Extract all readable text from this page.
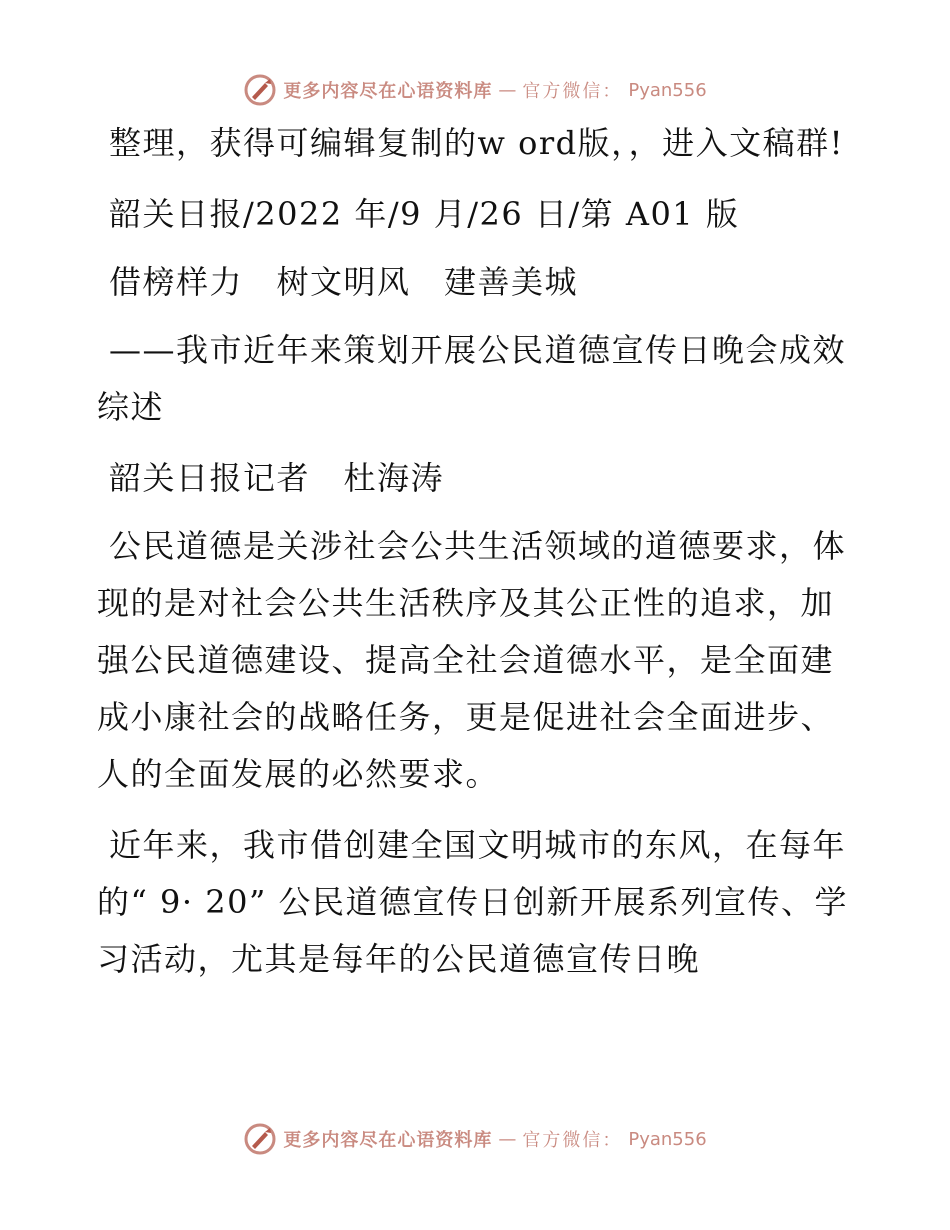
更多内容尽在心语资料库 — 官方微信： Pyan556

整理，获得可编辑复制的w ord版，，进入文稿群!

韶关日报/2022 年/9 月/26 日/第 A01 版

借榜样力　树文明风　建善美城

——我市近年来策划开展公民道德宣传日晚会成效综述

韶关日报记者　杜海涛

公民道德是关涉社会公共生活领域的道德要求，体现的是对社会公共生活秩序及其公正性的追求，加强公民道德建设、提高全社会道德水平，是全面建成小康社会的战略任务，更是促进社会全面进步、人的全面发展的必然要求。

近年来，我市借创建全国文明城市的东风，在每年的“ 9· 20” 公民道德宣传日创新开展系列宣传、学习活动，尤其是每年的公民道德宣传日晚

更多内容尽在心语资料库 — 官方微信： Pyan556
